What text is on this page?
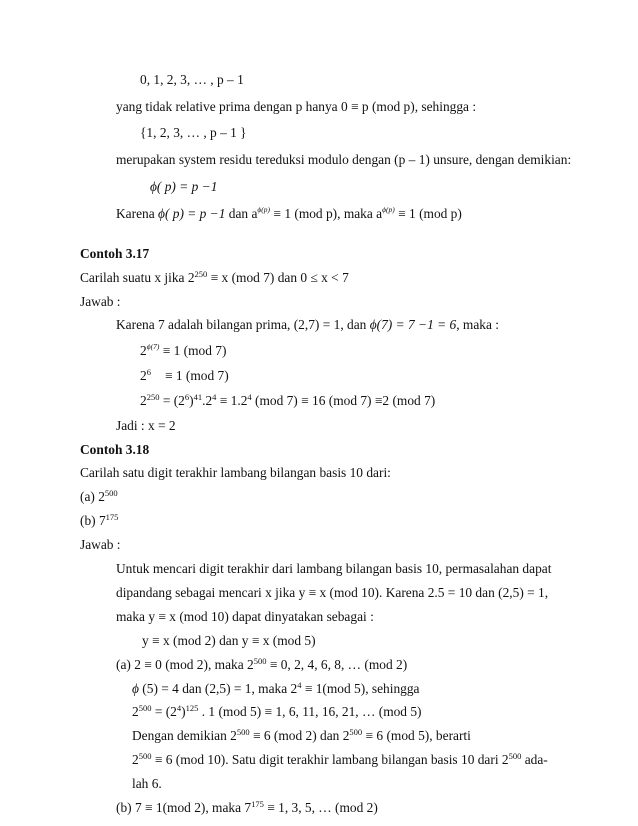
0, 1, 2, 3, … , p – 1
yang tidak relative prima dengan p hanya 0 ≡ p (mod p), sehingga :
{1, 2, 3, … , p – 1 }
merupakan system residu tereduksi modulo dengan (p – 1) unsure, dengan demikian:
ϕ( p) = p −1
Karena ϕ( p) = p −1 dan $a^{\phi(p)} \equiv 1$ (mod p), maka $a^{\phi(p)} \equiv 1$ (mod p)
Contoh 3.17
Carilah suatu x jika $2^{250} \equiv x$ (mod 7) dan 0 ≤ x < 7
Jawab :
Karena 7 adalah bilangan prima, (2,7) = 1, dan ϕ(7) = 7 −1 = 6, maka :
$2^{\phi(7)} \equiv 1$ (mod 7)
$2^6 \equiv 1$ (mod 7)
$2^{250} = (2^6)^{41}.2^4 \equiv 1.2^4$ (mod 7) ≡ 16 (mod 7) ≡2 (mod 7)
Jadi : x = 2
Contoh 3.18
Carilah satu digit terakhir lambang bilangan basis 10 dari:
(a) $2^{500}$
(b) $7^{175}$
Jawab :
Untuk mencari digit terakhir dari lambang bilangan basis 10, permasalahan dapat
dipandang sebagai mencari x jika y ≡ x (mod 10). Karena 2.5 = 10 dan (2,5) = 1,
maka y ≡ x (mod 10) dapat dinyatakan sebagai :
y ≡ x (mod 2) dan y ≡ x (mod 5)
(a) 2 ≡ 0 (mod 2), maka $2^{500} \equiv 0$, 2, 4, 6, 8, … (mod 2)
ϕ (5) = 4 dan (2,5) = 1, maka $2^4 \equiv 1(mod$ 5), sehingga
$2^{500} = (2^4)^{125}$ . 1 (mod 5) ≡ 1, 6, 11, 16, 21, … (mod 5)
Dengan demikian $2^{500} \equiv 6$ (mod 2) dan $2^{500} \equiv 6$ (mod 5), berarti
$2^{500} \equiv 6$ (mod 10). Satu digit terakhir lambang bilangan basis 10 dari $2^{500}$ ada-
lah 6.
(b) 7 ≡ 1(mod 2), maka $7^{175} \equiv 1$, 3, 5, … (mod 2)
